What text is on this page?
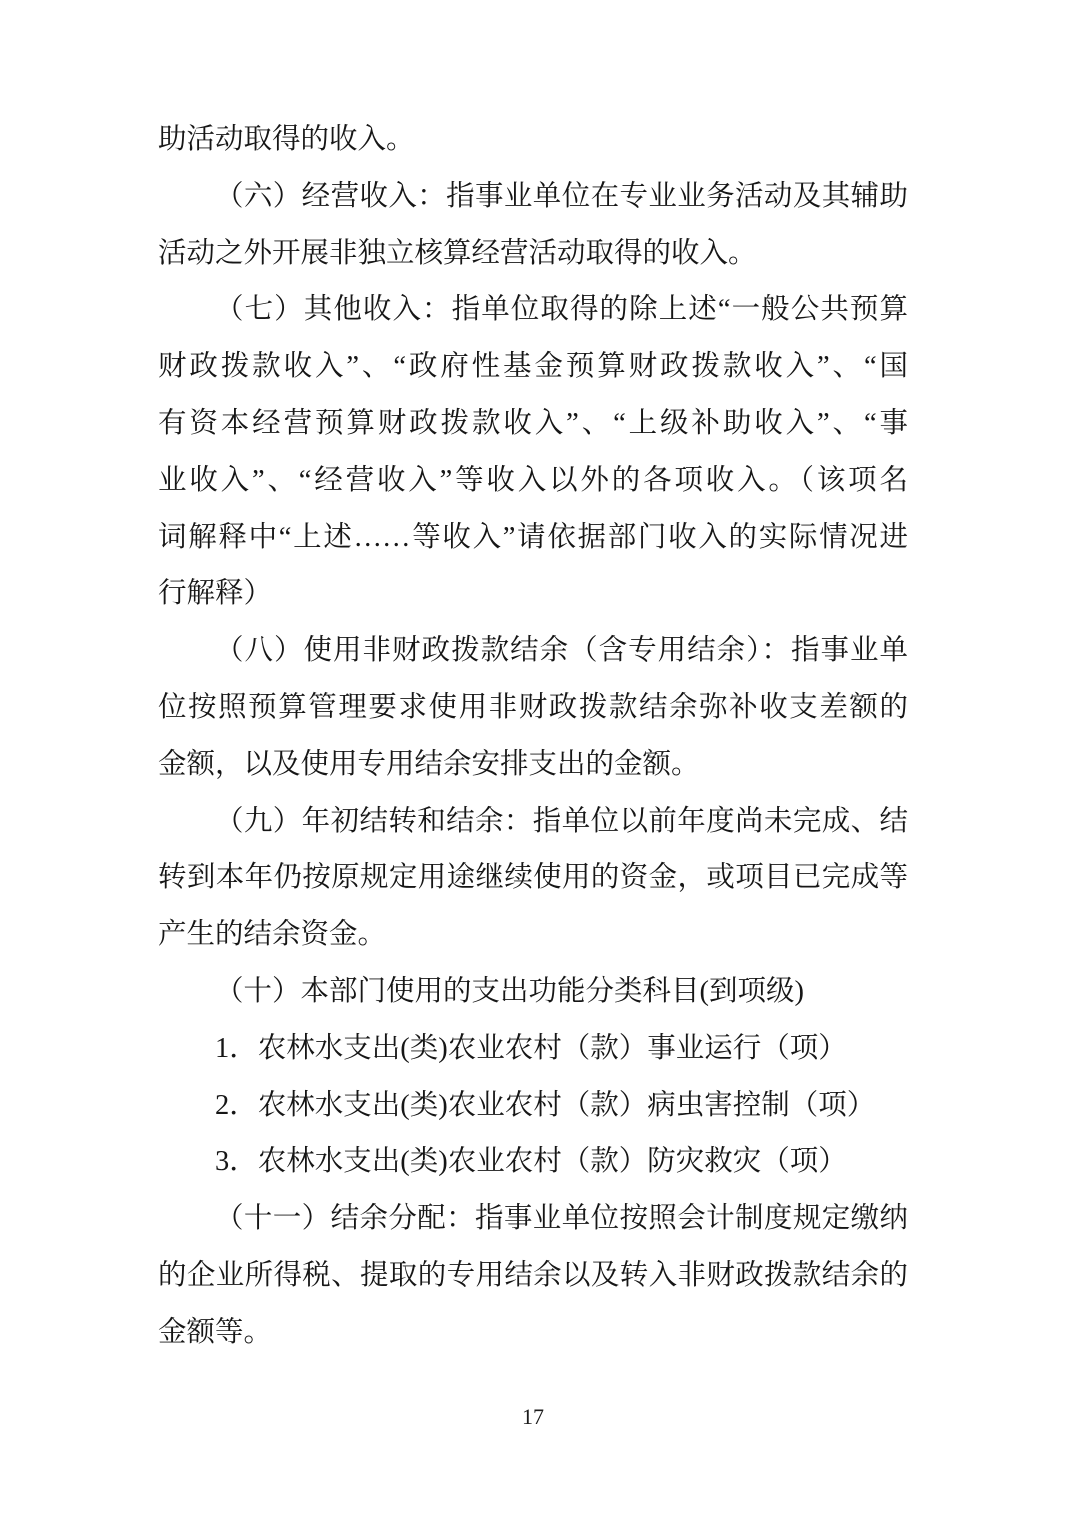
助活动取得的收入。
（六）经营收入：指事业单位在专业业务活动及其辅助
活动之外开展非独立核算经营活动取得的收入。
（七）其他收入：指单位取得的除上述“一般公共预算
财政拨款收入”、“政府性基金预算财政拨款收入”、“国
有资本经营预算财政拨款收入”、“上级补助收入”、“事
业收入”、“经营收入”等收入以外的各项收入。（该项名
词解释中“上述……等收入”请依据部门收入的实际情况进
行解释）
（八）使用非财政拨款结余（含专用结余）：指事业单
位按照预算管理要求使用非财政拨款结余弥补收支差额的
金额，以及使用专用结余安排支出的金额。
（九）年初结转和结余：指单位以前年度尚未完成、结
转到本年仍按原规定用途继续使用的资金，或项目已完成等
产生的结余资金。
（十）本部门使用的支出功能分类科目(到项级)
1．农林水支出(类)农业农村（款）事业运行（项）
2．农林水支出(类)农业农村（款）病虫害控制（项）
3．农林水支出(类)农业农村（款）防灾救灾（项）
（十一）结余分配：指事业单位按照会计制度规定缴纳
的企业所得税、提取的专用结余以及转入非财政拨款结余的
金额等。
17
